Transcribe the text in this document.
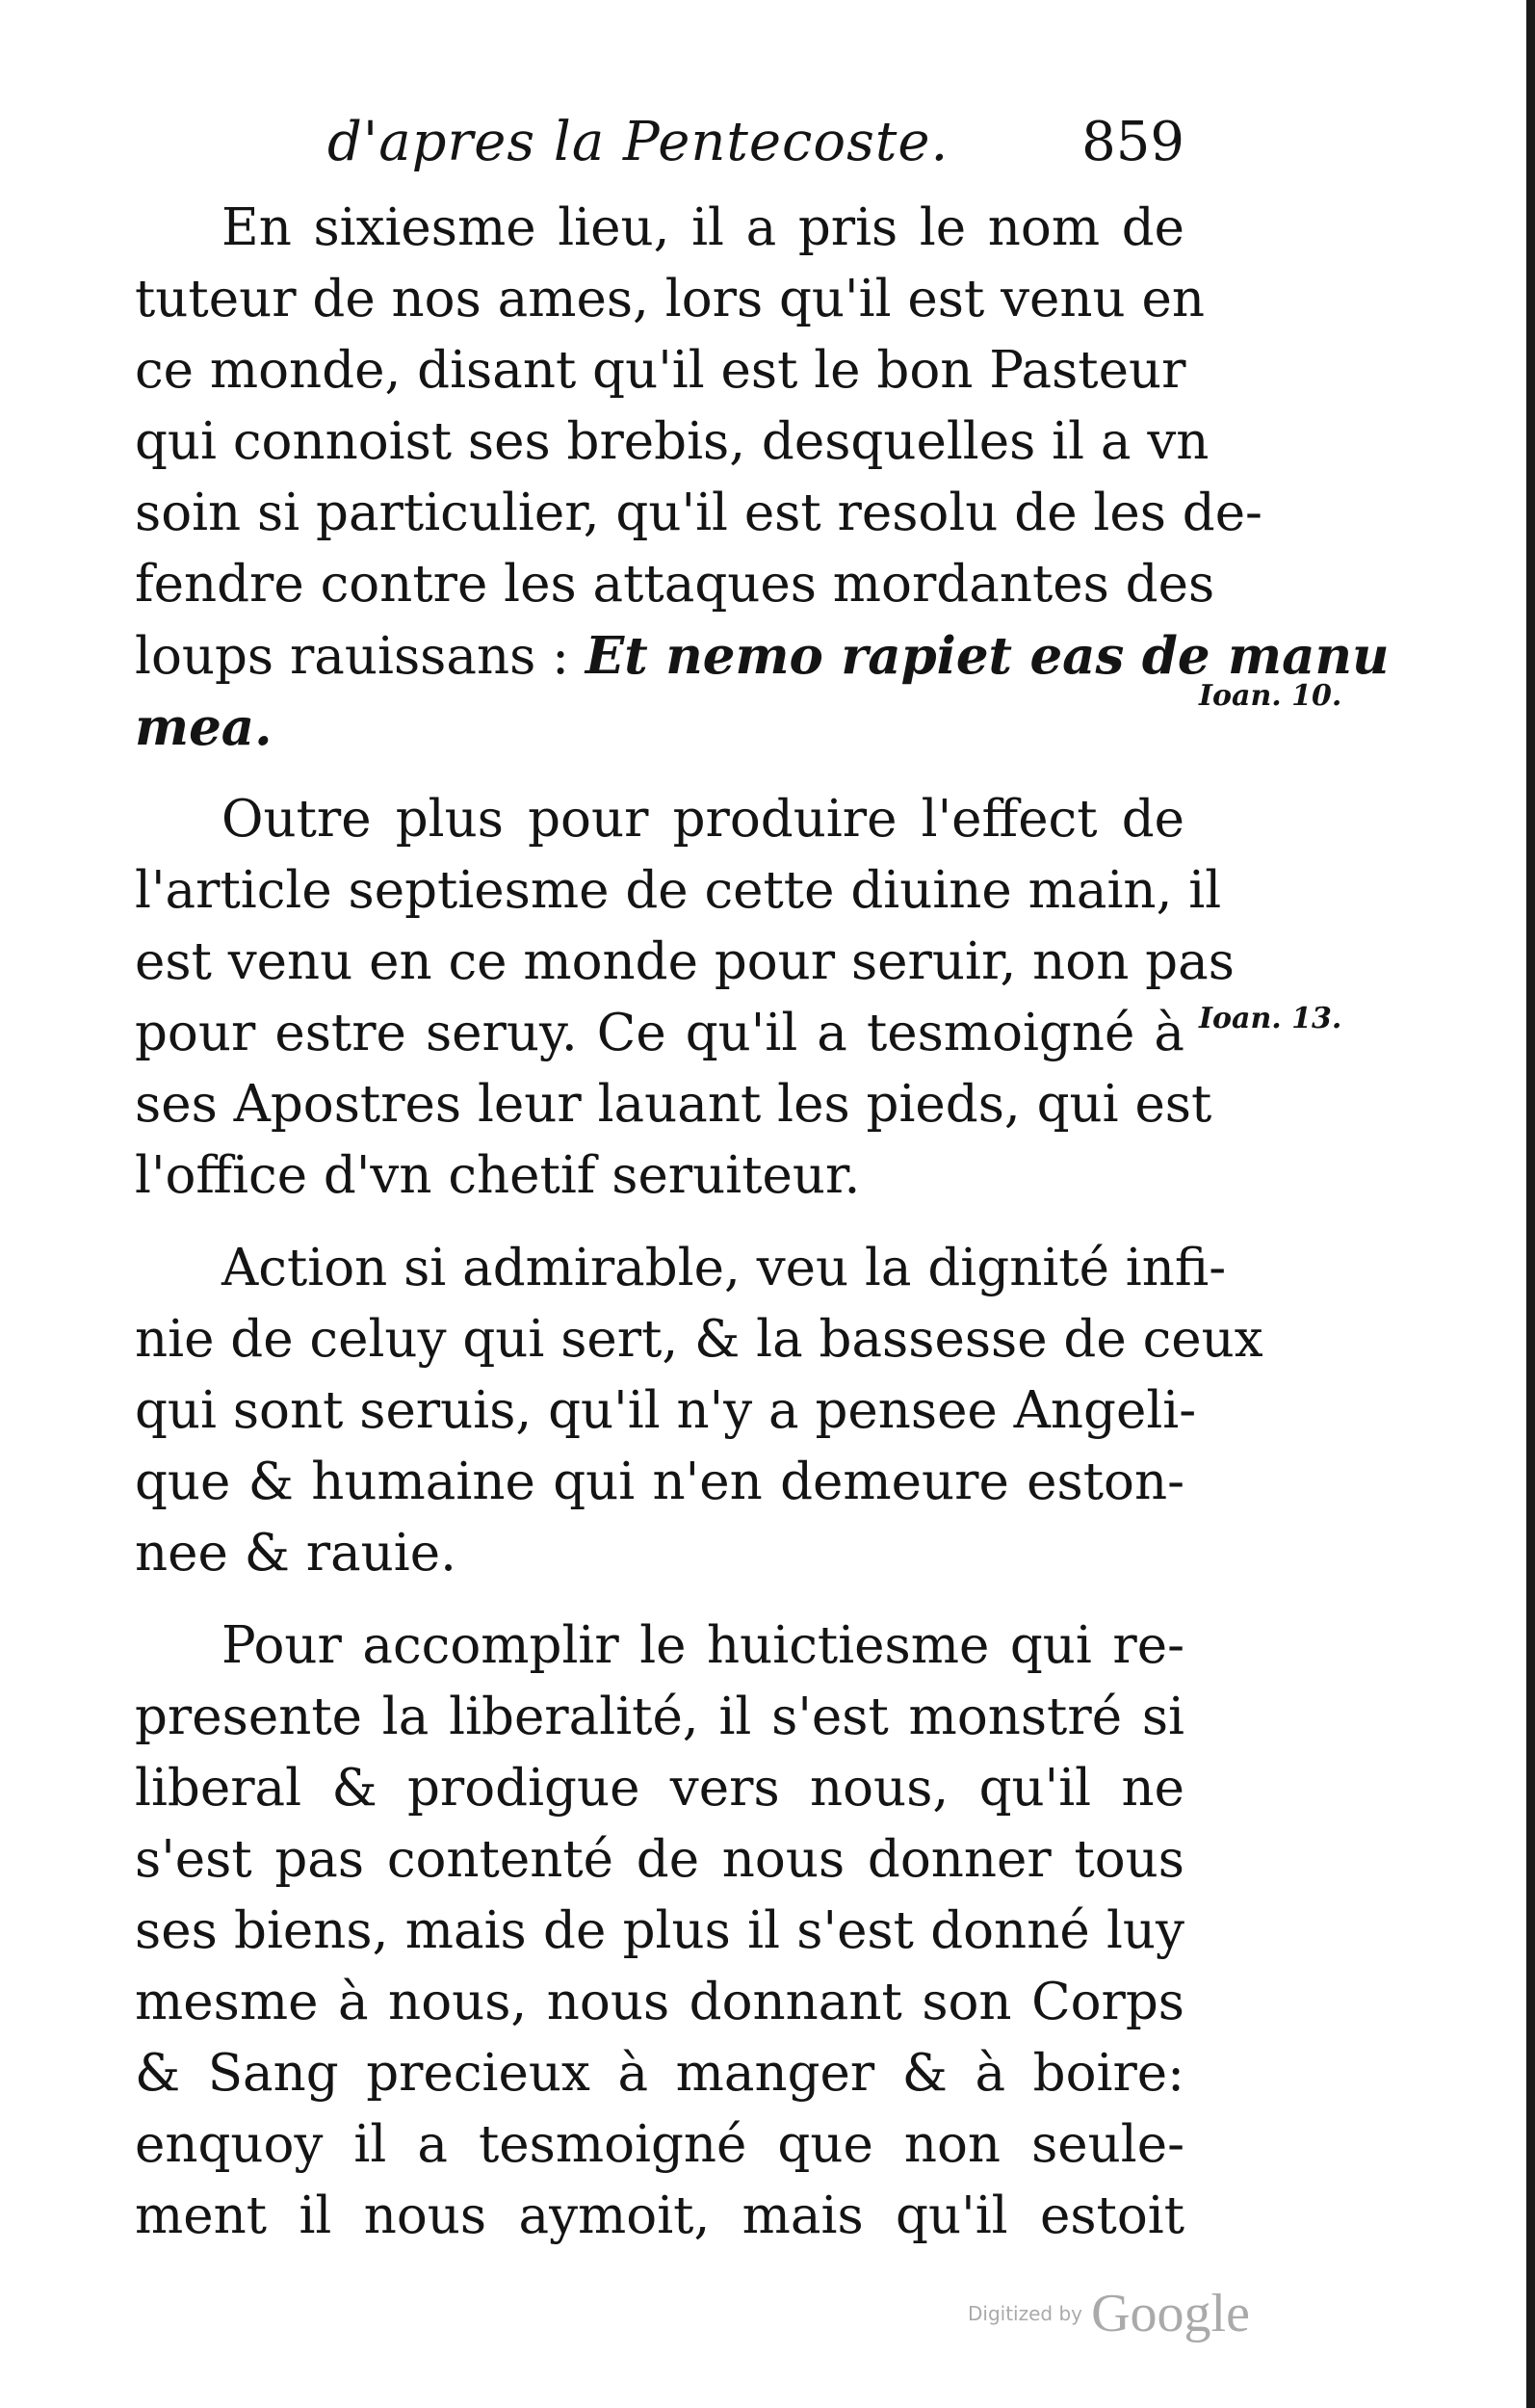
d'apres la Pentecoste. 859
En sixiesme lieu, il a pris le nom de
tuteur de nos ames, lors qu'il est venu en
ce monde, disant qu'il est le bon Pasteur
qui connoist ses brebis, desquelles il a vn
soin si particulier, qu'il est resolu de les de-
fendre contre les attaques mordantes des
loups rauissans : Et nemo rapiet eas de manu
mea.
Outre plus pour produire l'effect de
l'article septiesme de cette diuine main, il
est venu en ce monde pour seruir, non pas
pour estre seruy. Ce qu'il a tesmoigné à
ses Apostres leur lauant les pieds, qui est
l'office d'vn chetif seruiteur.
Action si admirable, veu la dignité infi-
nie de celuy qui sert, & la bassesse de ceux
qui sont seruis, qu'il n'y a pensee Angeli-
que & humaine qui n'en demeure eston-
nee & rauie.
Pour accomplir le huictiesme qui re-
presente la liberalité, il s'est monstré si
liberal & prodigue vers nous, qu'il ne
s'est pas contenté de nous donner tous
ses biens, mais de plus il s'est donné luy
mesme à nous, nous donnant son Corps
& Sang precieux à manger & à boire:
enquoy il a tesmoigné que non seule-
ment il nous aymoit, mais qu'il estoit
Ioan. 10.
Ioan. 13.
Digitized by Google
